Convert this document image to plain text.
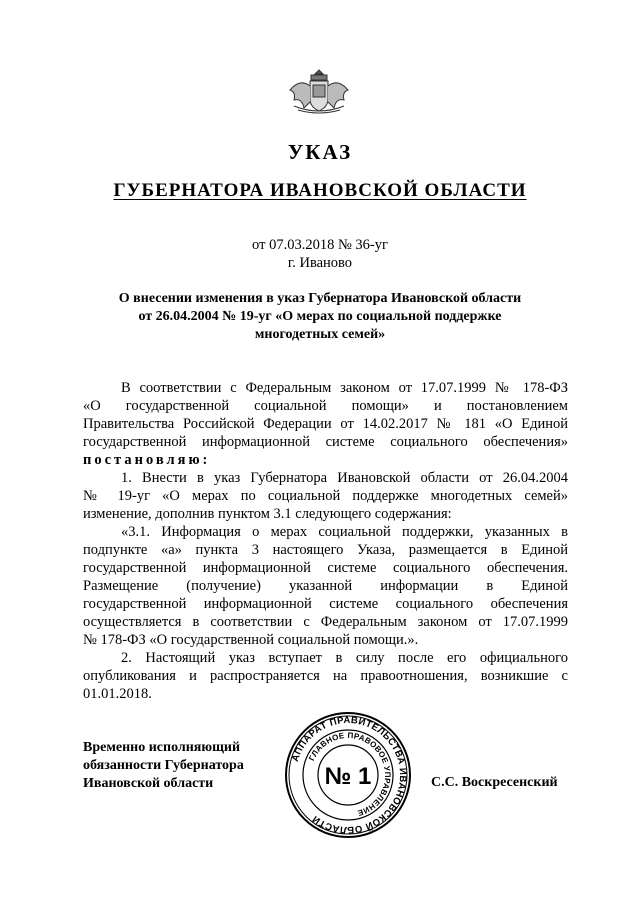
УКАЗ
ГУБЕРНАТОРА ИВАНОВСКОЙ ОБЛАСТИ
от 07.03.2018 № 36-уг
г. Иваново
О внесении изменения в указ Губернатора Ивановской области
от 26.04.2004 № 19-уг «О мерах по социальной поддержке
многодетных семей»
В соответствии с Федеральным законом от 17.07.1999 № 178-ФЗ
«О государственной социальной помощи» и постановлением
Правительства Российской Федерации от 14.02.2017 № 181 «О Единой
государственной информационной системе социального обеспечения»
постановляю:
1. Внести в указ Губернатора Ивановской области от 26.04.2004
№ 19-уг «О мерах по социальной поддержке многодетных семей»
изменение, дополнив пунктом 3.1 следующего содержания:
«3.1. Информация о мерах социальной поддержки, указанных в
подпункте «а» пункта 3 настоящего Указа, размещается в Единой
государственной информационной системе социального обеспечения.
Размещение (получение) указанной информации в Единой
государственной информационной системе социального обеспечения
осуществляется в соответствии с Федеральным законом от 17.07.1999
№ 178-ФЗ «О государственной социальной помощи.».
2. Настоящий указ вступает в силу после его официального
опубликования и распространяется на правоотношения, возникшие с
01.01.2018.
Временно исполняющий
обязанности Губернатора
Ивановской области
АППАРАТ ПРАВИТЕЛЬСТВА ИВАНОВСКОЙ ОБЛАСТИ
ГЛАВНОЕ ПРАВОВОЕ УПРАВЛЕНИЕ
№ 1	С.С. Воскресенский
